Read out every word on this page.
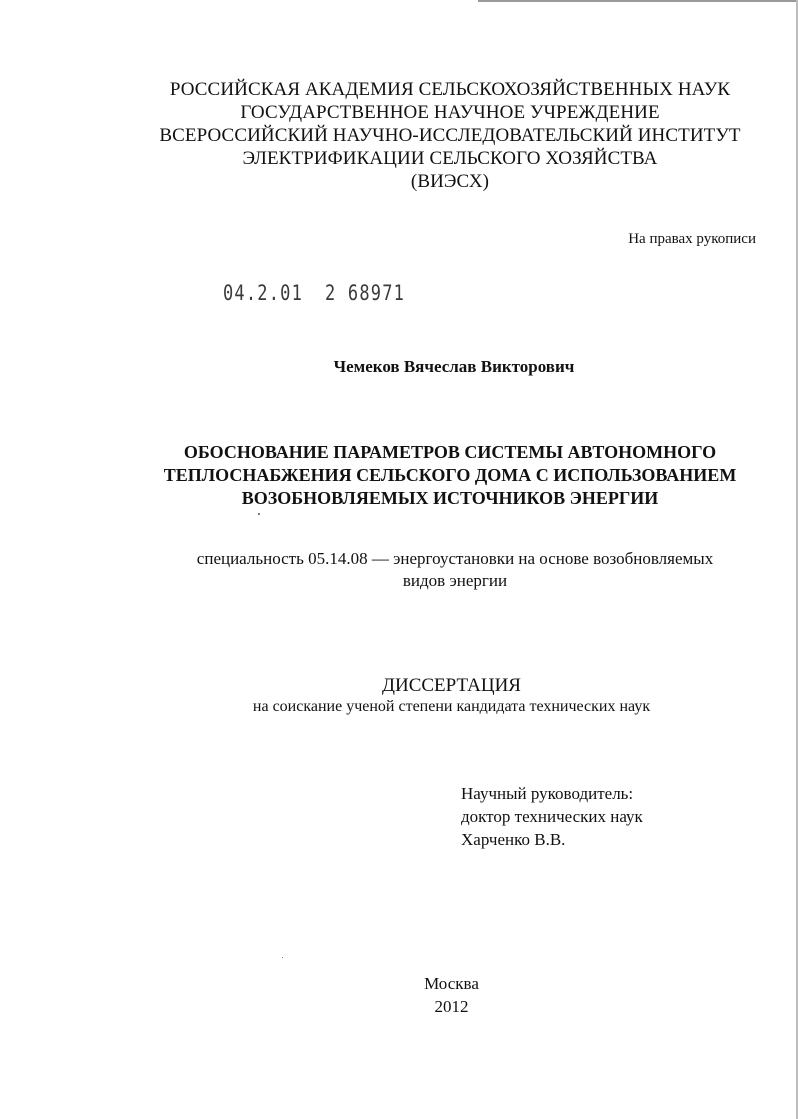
РОССИЙСКАЯ АКАДЕМИЯ СЕЛЬСКОХОЗЯЙСТВЕННЫХ НАУК
ГОСУДАРСТВЕННОЕ НАУЧНОЕ УЧРЕЖДЕНИЕ
ВСЕРОССИЙСКИЙ НАУЧНО-ИССЛЕДОВАТЕЛЬСКИЙ ИНСТИТУТ
ЭЛЕКТРИФИКАЦИИ СЕЛЬСКОГО ХОЗЯЙСТВА
(ВИЭСХ)
На правах рукописи
04.2.01 2 68971
Чемеков Вячеслав Викторович
ОБОСНОВАНИЕ ПАРАМЕТРОВ СИСТЕМЫ АВТОНОМНОГО
ТЕПЛОСНАБЖЕНИЯ СЕЛЬСКОГО ДОМА С ИСПОЛЬЗОВАНИЕМ
ВОЗОБНОВЛЯЕМЫХ ИСТОЧНИКОВ ЭНЕРГИИ
специальность 05.14.08 — энергоустановки на основе возобновляемых
видов энергии
ДИССЕРТАЦИЯ
на соискание ученой степени кандидата технических наук
Научный руководитель:
доктор технических наук
Харченко В.В.
Москва
2012
